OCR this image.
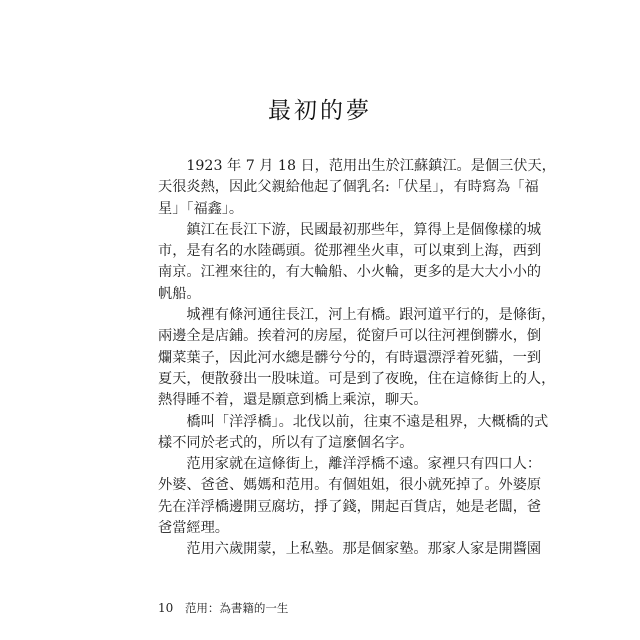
最初的夢
　　1923 年 7 月 18 日，范用出生於江蘇鎮江。是個三伏天，
天很炎熱，因此父親給他起了個乳名:「伏星」，有時寫為「福
星」「福鑫」。
　　鎮江在長江下游，民國最初那些年，算得上是個像樣的城
市，是有名的水陸碼頭。從那裡坐火車，可以東到上海，西到
南京。江裡來往的，有大輪船、小火輪，更多的是大大小小的
帆船。
　　城裡有條河通往長江，河上有橋。跟河道平行的，是條街，
兩邊全是店鋪。挨着河的房屋，從窗戶可以往河裡倒髒水，倒
爛菜葉子，因此河水總是髒兮兮的，有時還漂浮着死貓，一到
夏天，便散發出一股味道。可是到了夜晚，住在這條街上的人，
熱得睡不着，還是願意到橋上乘涼，聊天。
　　橋叫「洋浮橋」。北伐以前，往東不遠是租界，大概橋的式
樣不同於老式的，所以有了這麼個名字。
　　范用家就在這條街上，離洋浮橋不遠。家裡只有四口人：
外婆、爸爸、媽媽和范用。有個姐姐，很小就死掉了。外婆原
先在洋浮橋邊開豆腐坊，掙了錢，開起百貨店，她是老闆，爸
爸當經理。
　　范用六歲開蒙，上私塾。那是個家塾。那家人家是開醬園
10 范用：為書籍的一生
